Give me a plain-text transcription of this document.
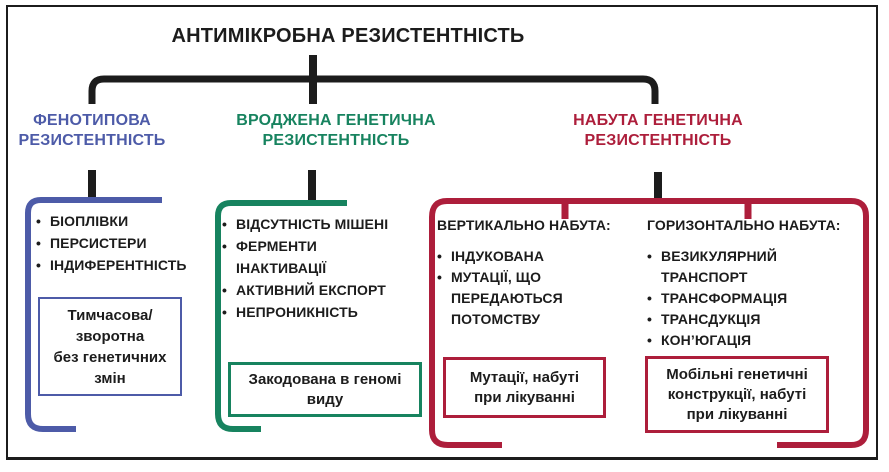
АНТИМІКРОБНА РЕЗИСТЕНТНІСТЬ
ФЕНОТИПОВА
РЕЗИСТЕНТНІСТЬ
ВРОДЖЕНА ГЕНЕТИЧНА
РЕЗИСТЕНТНІСТЬ
НАБУТА ГЕНЕТИЧНА
РЕЗИСТЕНТНІСТЬ
• БІОПЛІВКИ
• ПЕРСИСТЕРИ
• ІНДИФЕРЕНТНІСТЬ
• ВІДСУТНІСТЬ МІШЕНІ
• ФЕРМЕНТИ
ІНАКТИВАЦІЇ
• АКТИВНИЙ ЕКСПОРТ
• НЕПРОНИКНІСТЬ
ВЕРТИКАЛЬНО НАБУТА:
• ІНДУКОВАНА
• МУТАЦІЇ, ЩО
ПЕРЕДАЮТЬСЯ
ПОТОМСТВУ
ГОРИЗОНТАЛЬНО НАБУТА:
• ВЕЗИКУЛЯРНИЙ
ТРАНСПОРТ
• ТРАНСФОРМАЦІЯ
• ТРАНСДУКЦІЯ
• КОН’ЮГАЦІЯ
Тимчасова/
зворотна
без генетичних
змін	Закодована в геномі
виду
Мутації, набуті
при лікуванні
Мобільні генетичні
конструкції, набуті
при лікуванні
